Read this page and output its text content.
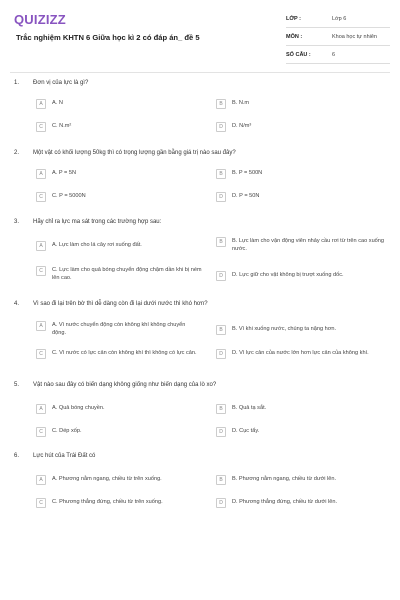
QUIZIZZ
Trắc nghiệm KHTN 6 Giữa học kì 2 có đáp án_ đề 5
LỚP :	Lớp 6
MÔN :	Khoa học tự nhiên
SỐ CÂU :	6
1. Đơn vị của lực là gì?
A	A. N	B	B. N.m
C	C. N.m²	D	D. N/m³
2. Một vật có khối lượng 50kg thì có trọng lượng gần bằng giá trị nào sau đây?
A	A. P = 5N	B	B. P = 500N
C	C. P = 5000N	D	D. P = 50N
3. Hãy chỉ ra lực ma sát trong các trường hợp sau:
A	A. Lực làm cho lá cây rơi xuống đất.	B	B. Lực làm cho vận động viên nhảy cầu rơi từ trên cao xuống nước.
C	C. Lực làm cho quả bóng chuyển động chậm dần khi bị ném lên cao.	D	D. Lực giữ cho vật không bị trượt xuống dốc.
4. Vì sao đi lại trên bờ thì dễ dàng còn đi lại dưới nước thì khó hơn?
A	A. Vì nước chuyển động còn không khí không chuyển động.	B	B. Vì khi xuống nước, chúng ta nặng hơn.
C	C. Vì nước có lực cản còn không khí thì không có lực cản.	D	D. Vì lực cản của nước lớn hơn lực cản của không khí.
5. Vật nào sau đây có biến dạng không giống như biến dạng của lò xo?
A	A. Quả bóng chuyền.	B	B. Quả tạ sắt.
C	C. Dép xốp.	D	D. Cục tẩy.
6. Lực hút của Trái Đất có
A	A. Phương nằm ngang, chiều từ trên xuống.	B	B. Phương nằm ngang, chiều từ dưới lên.
C	C. Phương thẳng đứng, chiều từ trên xuống.	D	D. Phương thẳng đứng, chiều từ dưới lên.
